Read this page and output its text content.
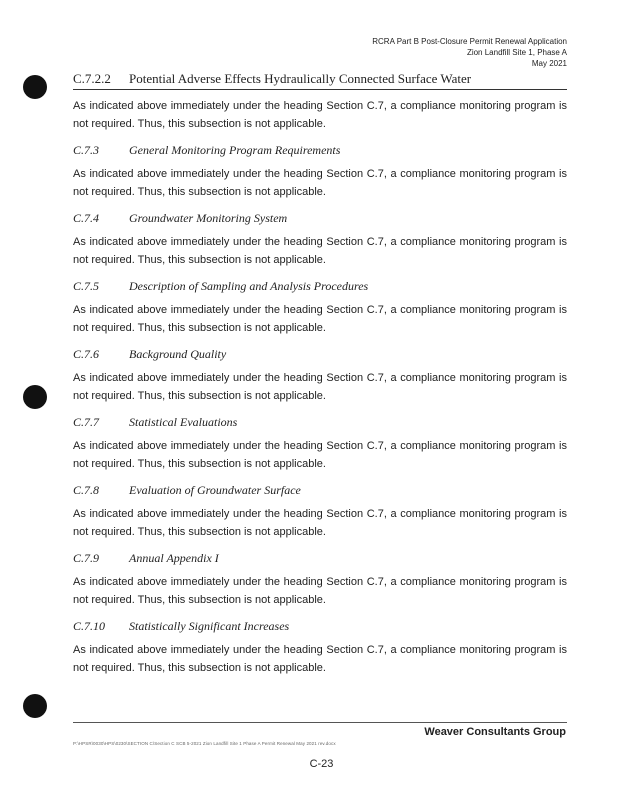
RCRA Part B Post-Closure Permit Renewal Application
Zion Landfill Site 1, Phase A
May 2021
C.7.2.2	Potential Adverse Effects Hydraulically Connected Surface Water

As indicated above immediately under the heading Section C.7, a compliance monitoring program is not required. Thus, this subsection is not applicable.

C.7.3	General Monitoring Program Requirements

As indicated above immediately under the heading Section C.7, a compliance monitoring program is not required. Thus, this subsection is not applicable.

C.7.4	Groundwater Monitoring System

As indicated above immediately under the heading Section C.7, a compliance monitoring program is not required. Thus, this subsection is not applicable.

C.7.5	Description of Sampling and Analysis Procedures

As indicated above immediately under the heading Section C.7, a compliance monitoring program is not required. Thus, this subsection is not applicable.

C.7.6	Background Quality

As indicated above immediately under the heading Section C.7, a compliance monitoring program is not required. Thus, this subsection is not applicable.

C.7.7	Statistical Evaluations

As indicated above immediately under the heading Section C.7, a compliance monitoring program is not required. Thus, this subsection is not applicable.

C.7.8	Evaluation of Groundwater Surface

As indicated above immediately under the heading Section C.7, a compliance monitoring program is not required. Thus, this subsection is not applicable.

C.7.9	Annual Appendix I

As indicated above immediately under the heading Section C.7, a compliance monitoring program is not required. Thus, this subsection is not applicable.

C.7.10	Statistically Significant Increases

As indicated above immediately under the heading Section C.7, a compliance monitoring program is not required. Thus, this subsection is not applicable.

Weaver Consultants Group
P:\HPSR\0030\HPS\0230\SECTION C\Section C SCB 5-2021 Zion Landfill Site 1 Phase A Permit Renewal May 2021 rev.docx
C-23
